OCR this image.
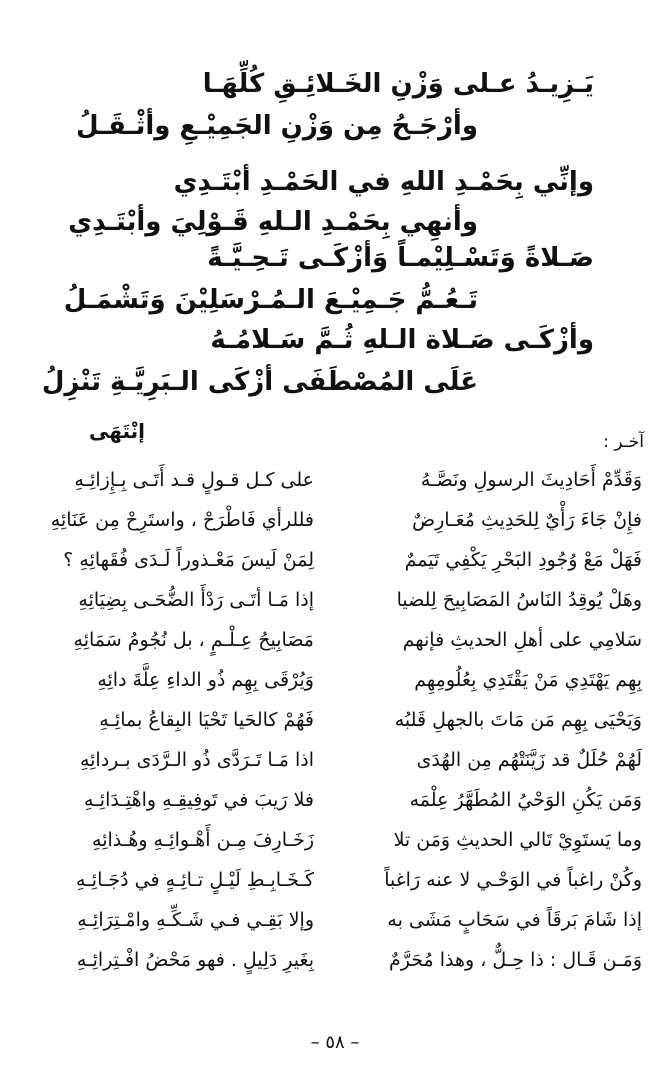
يَـزِيـدُ عـلى وَزْنِ الخَـلائِـقِ كُلِّهَـا
وأرْجَـحُ مِن وَزْنِ الجَمِيْـعِ وأثْـقَـلُ
وإنِّي بِحَمْـدِ اللهِ في الحَمْـدِ أبْتَـدِي
وأنهِي بِحَمْـدِ الـلهِ قَـوْلِيَ وأبْتَـدِي
صَـلاةً وَتَسْـلِيْمـاً وَأزْكَـى تَـحِـيَّـةً
تَـعُـمُّ جَـمِيْـعَ الـمُـرْسَلِيْنَ وَتَشْمَـلُ
وأزْكَـى صَـلاة الـلهِ ثُـمَّ سَـلامُـهُ
عَلَى المُصْطَفَى أزْكَى الـبَرِيَّـةِ تَنْزِلُ
إنْتَهَى	آخـر :
وَقَدِّمْ أَحَادِيثَ الرسولِ ونَصَّـهُ
فإِنْ جَاءَ رَأْيٌ لِلحَدِيثِ مُعَـارِضٌ
فَهَلْ مَعْ وُجُودِ البَحْرِ يَكْفِي تَيَممٌ
وهَلْ يُوقِدُ النَاسُ المَصَابِيحَ لِلضيا
سَلامِي على أهلِ الحديثِ فإنهم
بِهِم يَهْتَدِي مَنْ يَقْتَدِي بِعُلُومِهِم
وَيَحْيَى بِهِم مَن مَاتَ بالجهلِ قَلبُه
لَهُمْ حُلَلٌ قد زَيَّنَتْهُم مِن الهُدَى
وَمَن يَكُنِ الوَحْيُ المُطَهَّرُ عِلْمَه
وما يَستَوِيْ تَالي الحديثِ وَمَن تلا
وكُنْ راغباً في الوَحْـي لا عنه رَاغباً
إذا شَامَ بَرقَاً في سَحَابٍ مَشَى به
وَمَـن قَـال : ذا حِـلٌّ ، وهذا مُحَرَّمٌ
على كـل قـولٍ قـد أَتَـى بِـإِزائِـهِ
فللرأي فَاطْرَحْ ، واستَرِحْ مِن عَنَائِهِ
لِمَنْ لَيسَ مَعْـذوراً لَـدَى فُقَهائِهِ ؟
إذا مَـا أتَـى رَدْأَ الضُّحَـى بِضِيَائِهِ
مَصَابِيحُ عِـلْـمٍ ، بل نُجُومُ سَمَائِهِ
وَيُرْقَى بِهِم ذُو الداءِ عِلَّةَ دائِهِ
فَهُمْ كالحَيا تَحْيَا البِقاعُ بمائِـهِ
اذا مَـا تَـرَدَّى ذُو الـرَّدَى بـردائِهِ
فلا رَيبَ في تَوفِيقِـهِ واهْتِـدَائِـهِ
زَخَـارِفَ مِـن أَهْـوائِـهِ وهُـذائِهِ
كَـخَـابِـطِ لَيْـلٍ تـائِـهٍ في دُجَـائِـهِ
وإلا بَقِـي فـي شَـكِّـهِ وامْـتِرَائِـهِ
بِغَيرِ دَلِيلٍ . فهو مَحْضُ افْـتِرائِـهِ
– ٥٨ –
